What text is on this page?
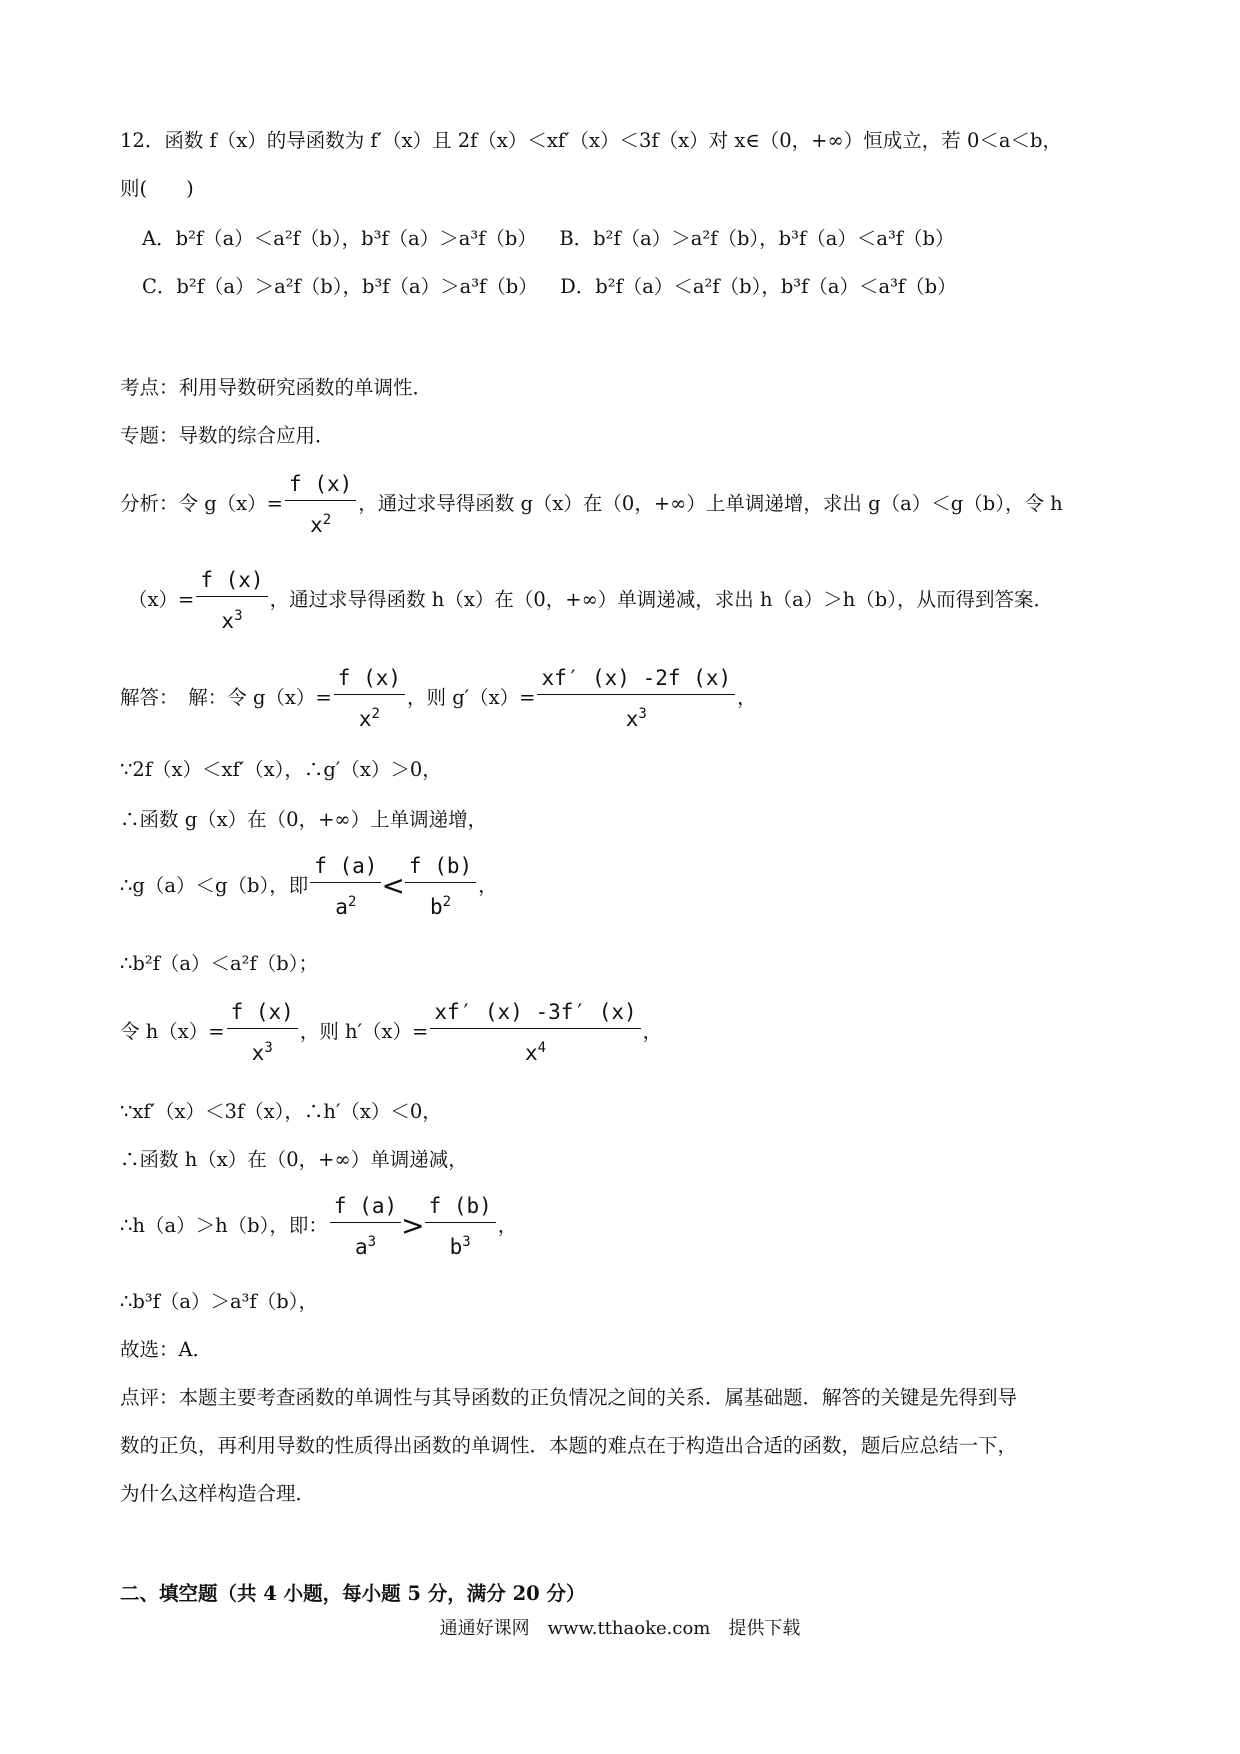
12．函数 f（x）的导函数为 f′（x）且 2f（x）＜xf′（x）＜3f（x）对 x∈（0，+∞）恒成立，若 0＜a＜b，
则(　　)
A．b²f（a）＜a²f（b），b³f（a）＞a³f（b） B．b²f（a）＞a²f（b），b³f（a）＜a³f（b）
C．b²f（a）＞a²f（b），b³f（a）＞a³f（b） D．b²f（a）＜a²f（b），b³f（a）＜a³f（b）
考点：利用导数研究函数的单调性．
专题：导数的综合应用．
分析：令 $g(x)= \frac{f (x)}{x^2}$ ，通过求导得函数 g（x）在（0，+∞）上单调递增，求出 g（a）＜g（b），令 h
$(x)= \frac{f (x)}{x^3}$ ，通过求导得函数 h（x）在（0，+∞）单调递减，求出 h（a）＞h（b），从而得到答案．
解答：　解：令 $g(x)= \frac{f (x)}{x^2}$ ，则 $g'(x)= \frac{xf' (x) -2f (x)}{x^3}$ ，
∵2f（x）＜xf′（x），∴g′（x）＞0，
∴函数 g（x）在（0，+∞）上单调递增，
∴g（a）＜g（b），即 $\frac{f (a)}{a^2} < \frac{f (b)}{b^2}$ ，
∴b²f（a）＜a²f（b）；
令 $h(x)= \frac{f (x)}{x^3}$ ，则 $h'(x)= \frac{xf' (x) -3f' (x)}{x^4}$ ，
∵xf′（x）＜3f（x），∴h′（x）＜0，
∴函数 h（x）在（0，+∞）单调递减，
∴h（a）＞h（b），即： $\frac{f (a)}{a^3} > \frac{f (b)}{b^3}$ ，
∴b³f（a）＞a³f（b），
故选：A．
点评：本题主要考查函数的单调性与其导函数的正负情况之间的关系．属基础题．解答的关键是先得到导
数的正负，再利用导数的性质得出函数的单调性．本题的难点在于构造出合适的函数，题后应总结一下，
为什么这样构造合理．
二、填空题（共 4 小题，每小题 5 分，满分 20 分）
通通好课网　www.tthaoke.com　提供下载
